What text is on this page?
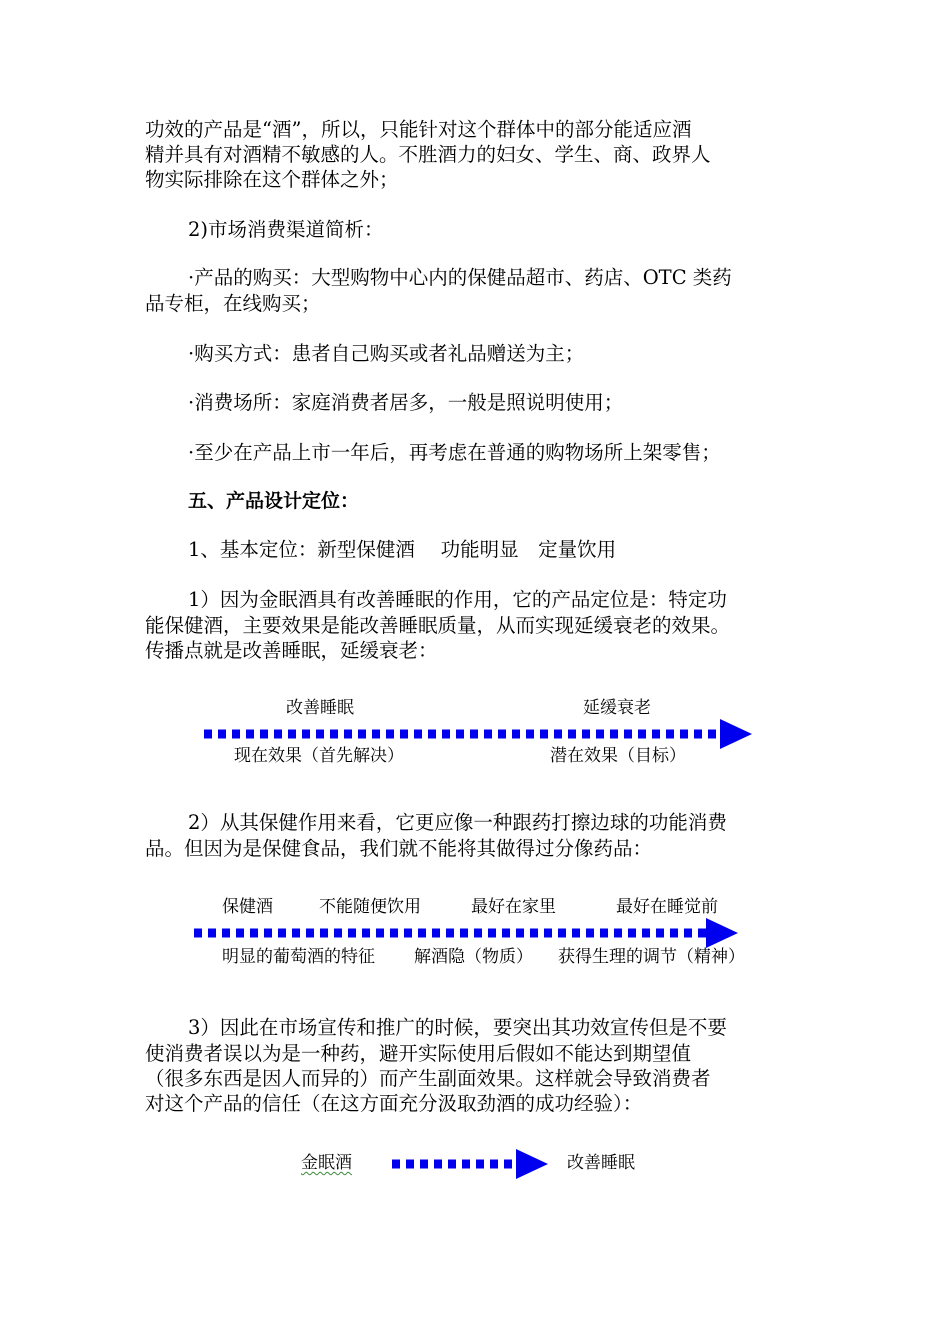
功效的产品是“酒”，所以，只能针对这个群体中的部分能适应酒

精并具有对酒精不敏感的人。不胜酒力的妇女、学生、商、政界人

物实际排除在这个群体之外；

2)市场消费渠道简析：

·产品的购买：大型购物中心内的保健品超市、药店、OTC 类药

品专柜，在线购买；

·购买方式：患者自己购买或者礼品赠送为主；

·消费场所：家庭消费者居多，一般是照说明使用；

·至少在产品上市一年后，再考虑在普通的购物场所上架零售；

五、产品设计定位：

1、基本定位：新型保健酒　 功能明显　定量饮用

1）因为金眠酒具有改善睡眠的作用，它的产品定位是：特定功

能保健酒，主要效果是能改善睡眠质量，从而实现延缓衰老的效果。

传播点就是改善睡眠，延缓衰老：

改善睡眠	延缓衰老
现在效果（首先解决）	潜在效果（目标）

2）从其保健作用来看，它更应像一种跟药打擦边球的功能消费

品。但因为是保健食品，我们就不能将其做得过分像药品：

保健酒	不能随便饮用	最好在家里	最好在睡觉前
明显的葡萄酒的特征 解酒隐（物质） 获得生理的调节（精神）

3）因此在市场宣传和推广的时候，要突出其功效宣传但是不要

使消费者误以为是一种药，避开实际使用后假如不能达到期望值

（很多东西是因人而异的）而产生副面效果。这样就会导致消费者

对这个产品的信任（在这方面充分汲取劲酒的成功经验）：

金眠酒	改善睡眠
